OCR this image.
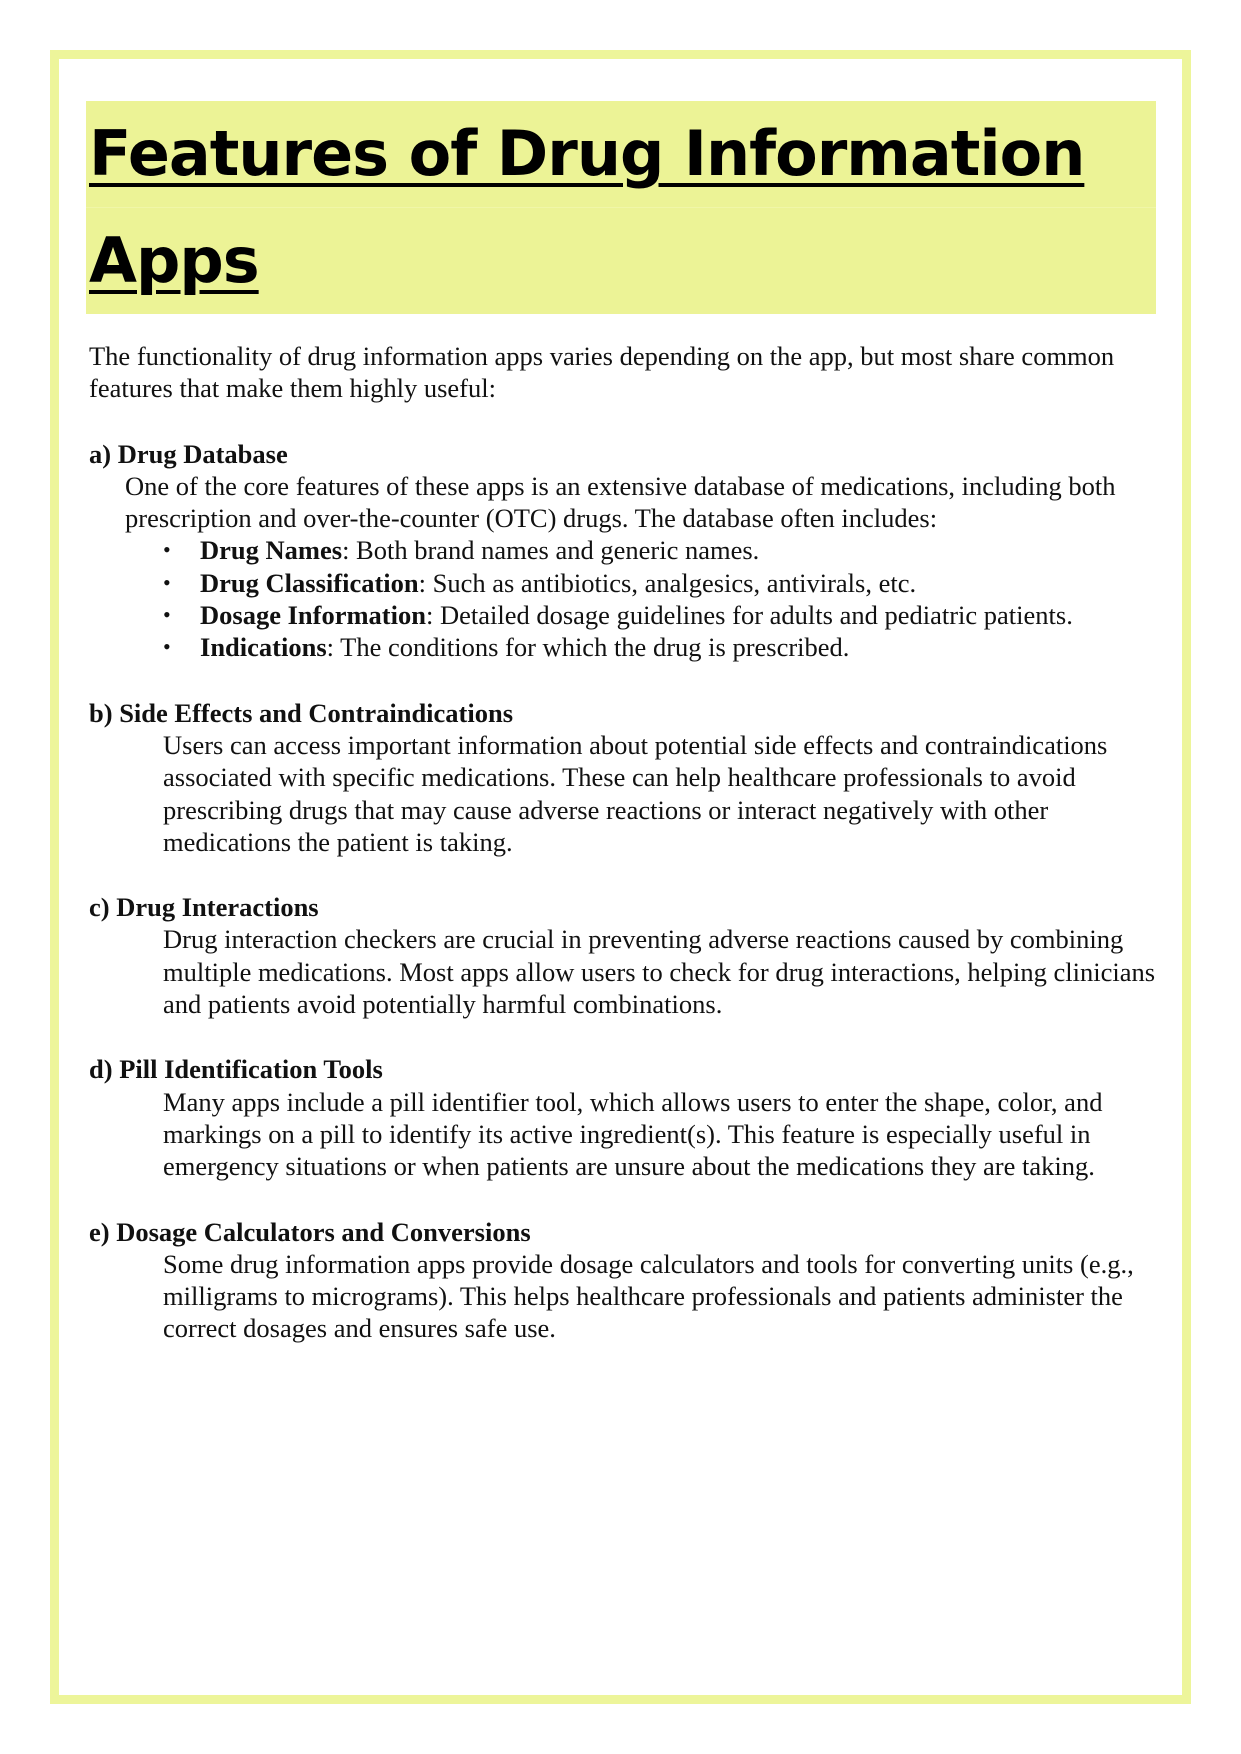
Features of Drug Information
Apps

The functionality of drug information apps varies depending on the app, but most share common features that make them highly useful:

a) Drug Database

One of the core features of these apps is an extensive database of medications, including both prescription and over-the-counter (OTC) drugs. The database often includes:

• Drug Names: Both brand names and generic names.
• Drug Classification: Such as antibiotics, analgesics, antivirals, etc.
• Dosage Information: Detailed dosage guidelines for adults and pediatric patients.
• Indications: The conditions for which the drug is prescribed.

b) Side Effects and Contraindications

Users can access important information about potential side effects and contraindications associated with specific medications. These can help healthcare professionals to avoid prescribing drugs that may cause adverse reactions or interact negatively with other medications the patient is taking.

c) Drug Interactions

Drug interaction checkers are crucial in preventing adverse reactions caused by combining multiple medications. Most apps allow users to check for drug interactions, helping clinicians and patients avoid potentially harmful combinations.

d) Pill Identification Tools

Many apps include a pill identifier tool, which allows users to enter the shape, color, and markings on a pill to identify its active ingredient(s). This feature is especially useful in emergency situations or when patients are unsure about the medications they are taking.

e) Dosage Calculators and Conversions

Some drug information apps provide dosage calculators and tools for converting units (e.g., milligrams to micrograms). This helps healthcare professionals and patients administer the correct dosages and ensures safe use.
